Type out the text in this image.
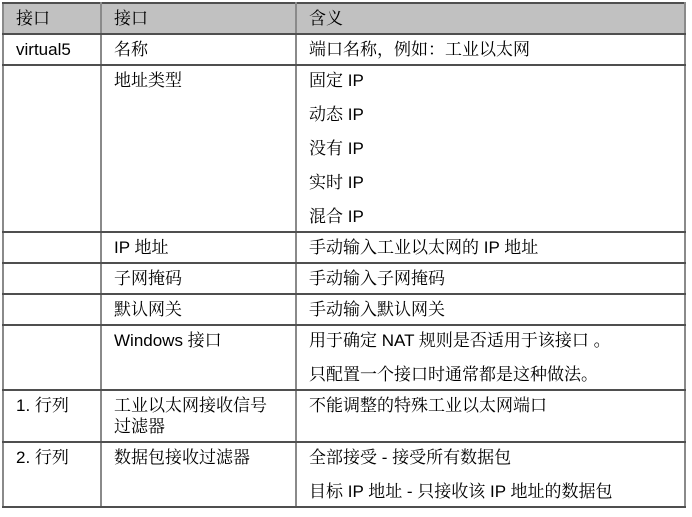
接口	接口	含义
virtual5	名称	端口名称，例如：工业以太网

	地址类型	固定 IP

动态 IP

没有 IP

实时 IP

混合 IP

	IP 地址	手动输入工业以太网的 IP 地址

	子网掩码	手动输入子网掩码

	默认网关	手动输入默认网关

	Windows 接口	用于确定 NAT 规则是否适用于该接口 。

只配置一个接口时通常都是这种做法。

1. 行列	工业以太网接收信号过滤器	不能调整的特殊工业以太网端口

2. 行列	数据包接收过滤器	全部接受 - 接受所有数据包

目标 IP 地址 - 只接收该 IP 地址的数据包
